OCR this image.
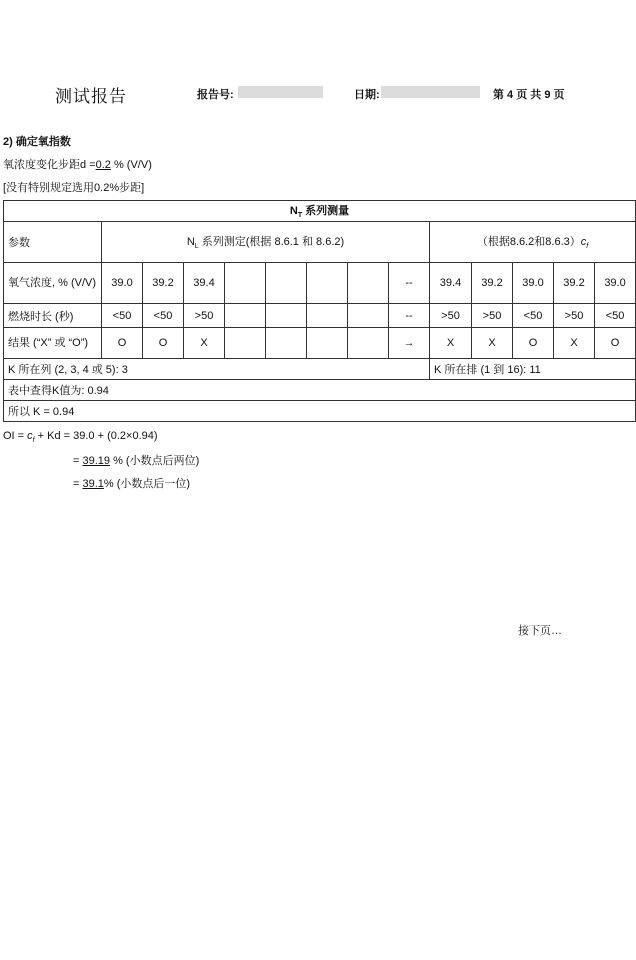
测试报告	报告号:	日期:	第 4 页 共 9 页
2) 确定氧指数
氧浓度变化步距d =0.2 % (V/V)
[没有特别规定选用0.2%步距]
$N_T$ 系列测量													
参数	$N_L$ 系列测定(根据 8.6.1 和 8.6.2)								（根据8.6.2和$8.6.3)c_f$
氧气浓度, % (V/V)	39.0	39.2	39.4					--	39.4	39.2	39.0	39.2	39.0
燃烧时长 (秒)	<50	<50	>50					--	>50	>50	<50	>50	<50
结果 (“X” 或 “O”)	O	O	X					→	X	X	O	X	O
K 所在列 (2, 3, 4 或 5): 3									K 所在排 (1 到 16): 11				
表中查得K值为: 0.94													
所以 K = 0.94													
OI = $c_f + Kd = 39.0 + (0.2\times 0.94)$
= 39.19 % (小数点后两位)
= 39.1% (小数点后一位)
接下页…
